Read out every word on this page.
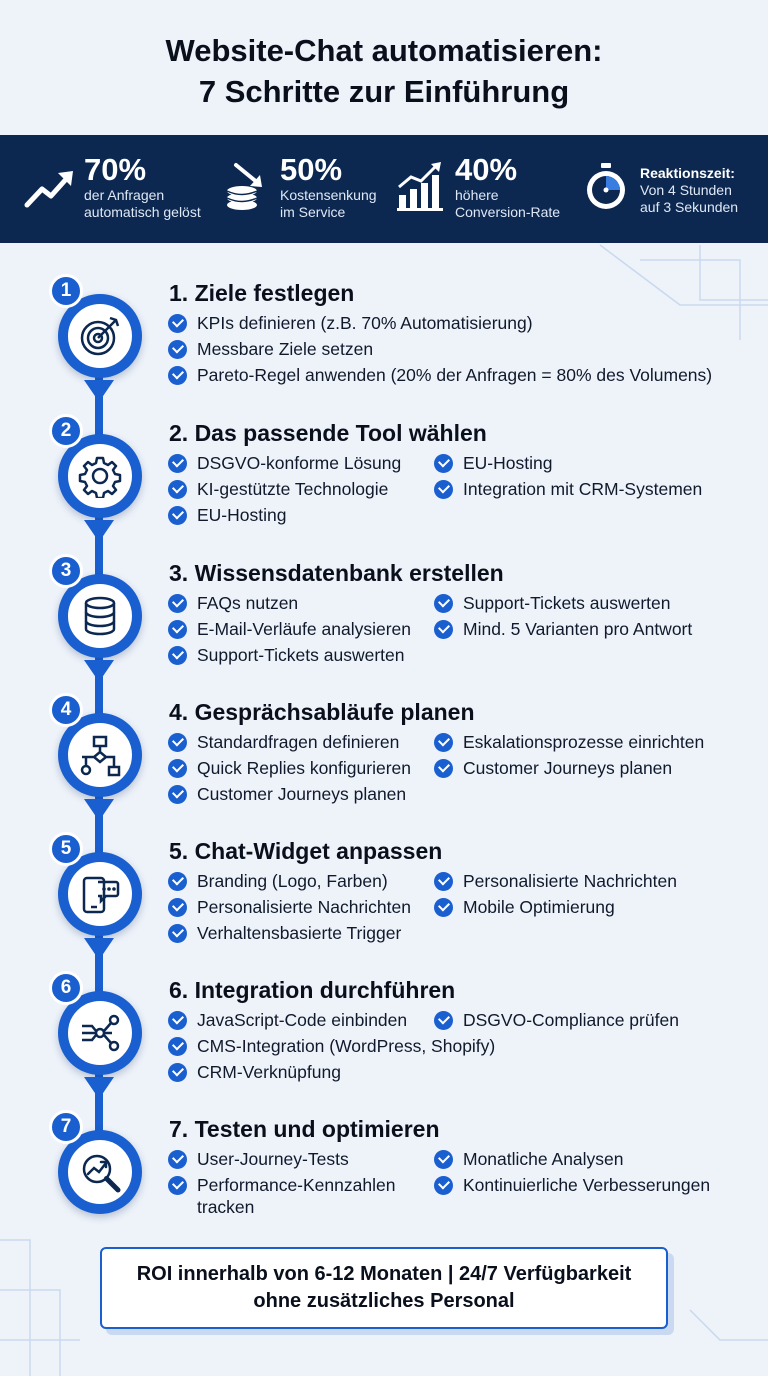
Website-Chat automatisieren:
7 Schritte zur Einführung
70%
der Anfragen
automatisch gelöst
50%
Kostensenkung
im Service
40%
höhere
Conversion-Rate
Reaktionszeit:
Von 4 Stunden
auf 3 Sekunden
1	1. Ziele festlegen
KPIs definieren (z.B. 70% Automatisierung)
Messbare Ziele setzen
Pareto-Regel anwenden (20% der Anfragen = 80% des Volumens)
2	2. Das passende Tool wählen
DSGVO-konforme Lösung
KI-gestützte Technologie
EU-Hosting
EU-Hosting
Integration mit CRM-Systemen
3	3. Wissensdatenbank erstellen
FAQs nutzen
E-Mail-Verläufe analysieren
Support-Tickets auswerten
Support-Tickets auswerten
Mind. 5 Varianten pro Antwort
4	4. Gesprächsabläufe planen
Standardfragen definieren
Quick Replies konfigurieren
Customer Journeys planen
Eskalationsprozesse einrichten
Customer Journeys planen
5	5. Chat-Widget anpassen
Branding (Logo, Farben)
Personalisierte Nachrichten
Verhaltensbasierte Trigger
Personalisierte Nachrichten
Mobile Optimierung
6	6. Integration durchführen
JavaScript-Code einbinden
CMS-Integration (WordPress, Shopify)
CRM-Verknüpfung
DSGVO-Compliance prüfen
7	7. Testen und optimieren
User-Journey-Tests
Performance-Kennzahlen tracken
Monatliche Analysen
Kontinuierliche Verbesserungen
ROI innerhalb von 6-12 Monaten | 24/7 Verfügbarkeit
ohne zusätzliches Personal
